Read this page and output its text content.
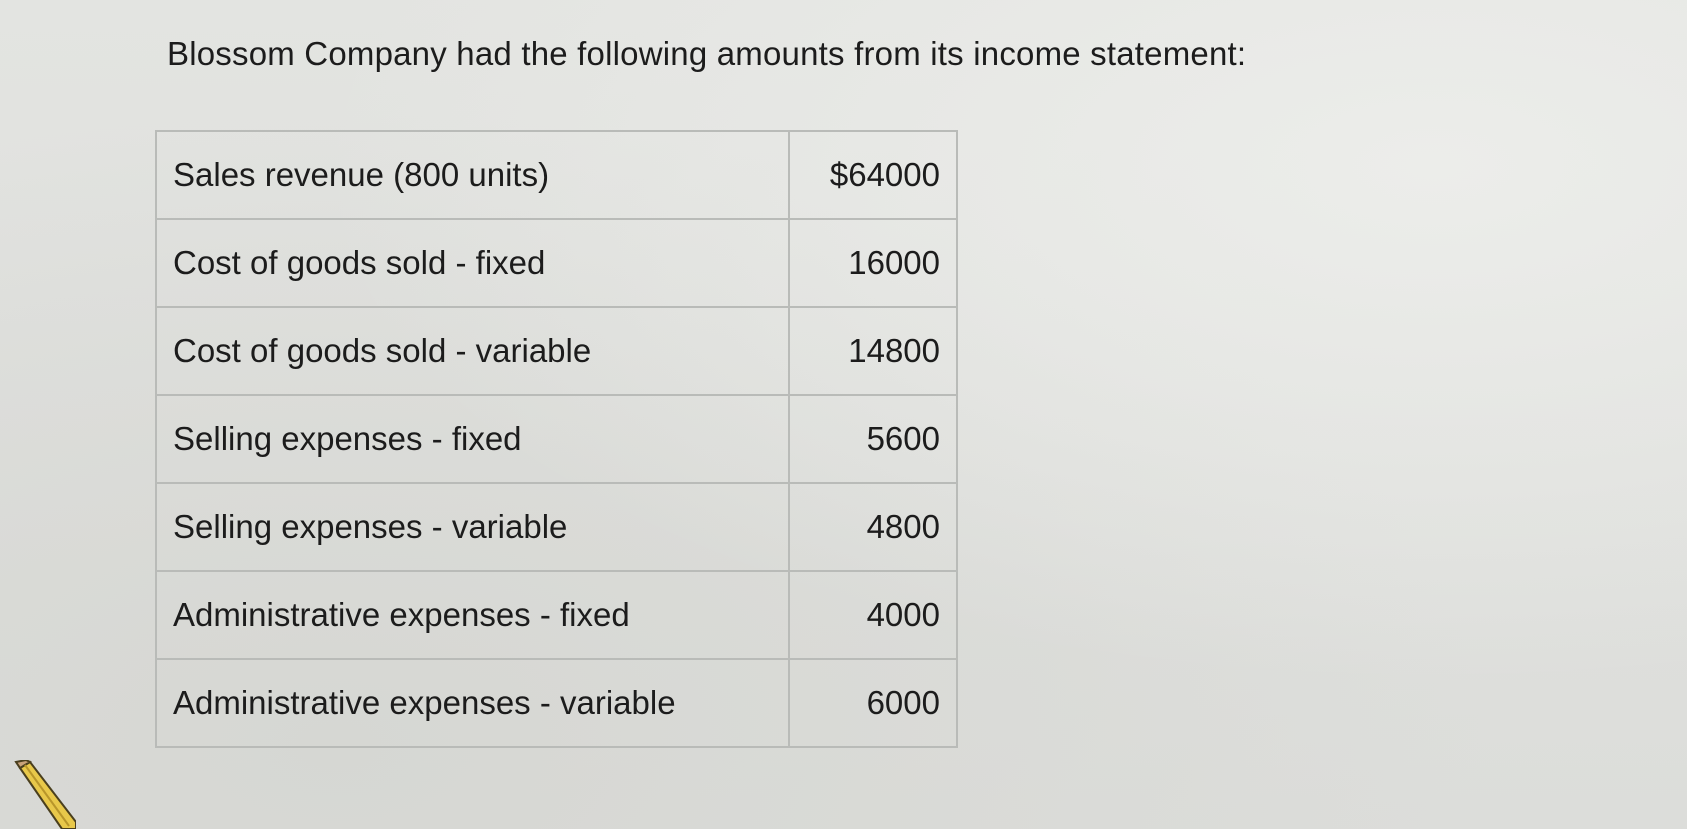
Blossom Company had the following amounts from its income statement:
Sales revenue (800 units)	$64000
Cost of goods sold - fixed	16000
Cost of goods sold - variable	14800
Selling expenses - fixed	5600
Selling expenses - variable	4800
Administrative expenses - fixed	4000
Administrative expenses - variable	6000
